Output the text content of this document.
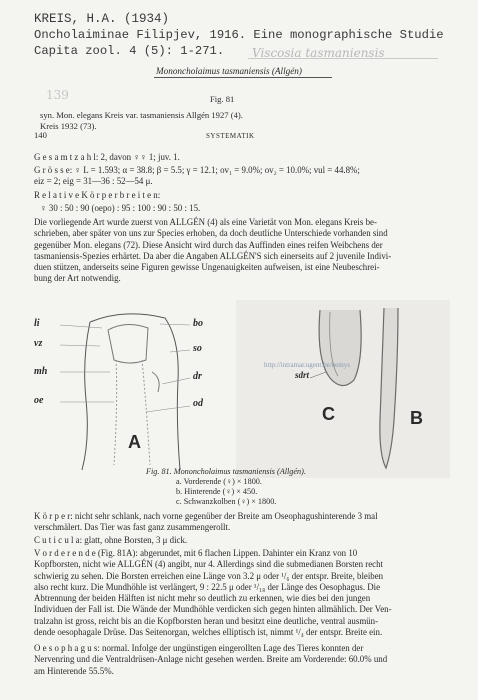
KREIS, H.A. (1934)
Oncholaiminae Filipjev, 1916. Eine monographische Studie
Capita zool. 4 (5): 1-271. Viscosia tasmaniensis
Mononcholaimus tasmaniensis (Allgén)
139	Fig. 81
syn. Mon. elegans Kreis var. tasmaniensis Allgén 1927 (4).
Kreis 1932 (73).
140	SYSTEMATIK
G e s a m t z a h l: 2, davon ♀♀ 1; juv. 1.
G r ö s s e: ♀ L = 1.593; α = 38.8; β = 5.5; γ = 12.1; ov₁ = 9.0%; ov₂ = 10.0%; vul = 44.8%;
eiz = 2; eig = 31—36 : 52—54 μ.
R e l a t i v e K ö r p e r b r e i t e n:
♀ 30 : 50 : 90 (oepo) : 95 : 100 : 90 : 50 : 15.
Die vorliegende Art wurde zuerst von ALLGÉN (4) als eine Varietät von Mon. elegans Kreis be-
schrieben, aber später von uns zur Species erhoben, da doch deutliche Unterschiede vorhanden sind
gegenüber Mon. elegans (72). Diese Ansicht wird durch das Auffinden eines reifen Weibchens der
tasmaniensis-Spezies erhärtet. Da aber die Angaben ALLGÉN'S sich einerseits auf 2 juvenile Indivi-
duen stützen, anderseits seine Figuren gewisse Ungenauigkeiten aufweisen, ist eine Neubeschrei-
bung der Art notwendig.
li
vz
mh
oe
bo
so
dr
od
sdrt
http://intramar.ugent.be/nemys
A
C	B
Fig. 81. Mononcholaimus tasmaniensis (Allgén).
a. Vorderende (♀) × 1800.
b. Hinterende (♀) × 450.
c. Schwanzkolben (♀) × 1800.
K ö r p e r: nicht sehr schlank, nach vorne gegenüber der Breite am Oseophagushinterende 3 mal
verschmälert. Das Tier was fast ganz zusammengerollt.
C u t i c u l a: glatt, ohne Borsten, 3 μ dick.
V o r d e r e n d e (Fig. 81A): abgerundet, mit 6 flachen Lippen. Dahinter ein Kranz von 10
Kopfborsten, nicht wie ALLGÉN (4) angibt, nur 4. Allerdings sind die submedianen Borsten recht
schwierig zu sehen. Die Borsten erreichen eine Länge von 3.2 μ oder ¹/₆ der entspr. Breite, bleiben
also recht kurz. Die Mundhöhle ist verlängert, 9 : 22.5 μ oder ¹/₁₈ der Länge des Oesophagus. Die
Abtrennung der beiden Hälften ist nicht mehr so deutlich zu erkennen, wie dies bei den jungen
Individuen der Fall ist. Die Wände der Mundhöhle verdicken sich gegen hinten allmählich. Der Ven-
tralzahn ist gross, reicht bis an die Kopfborsten heran und besitzt eine deutliche, ventral ausmün-
dende oesophagale Drüse. Das Seitenorgan, welches elliptisch ist, nimmt ¹/₄ der entspr. Breite ein.
O e s o p h a g u s: normal. Infolge der ungünstigen eingerollten Lage des Tieres konnten der
Nervenring und die Ventraldrüsen-Anlage nicht gesehen werden. Breite am Vorderende: 60.0% und
am Hinterende 55.5%.
